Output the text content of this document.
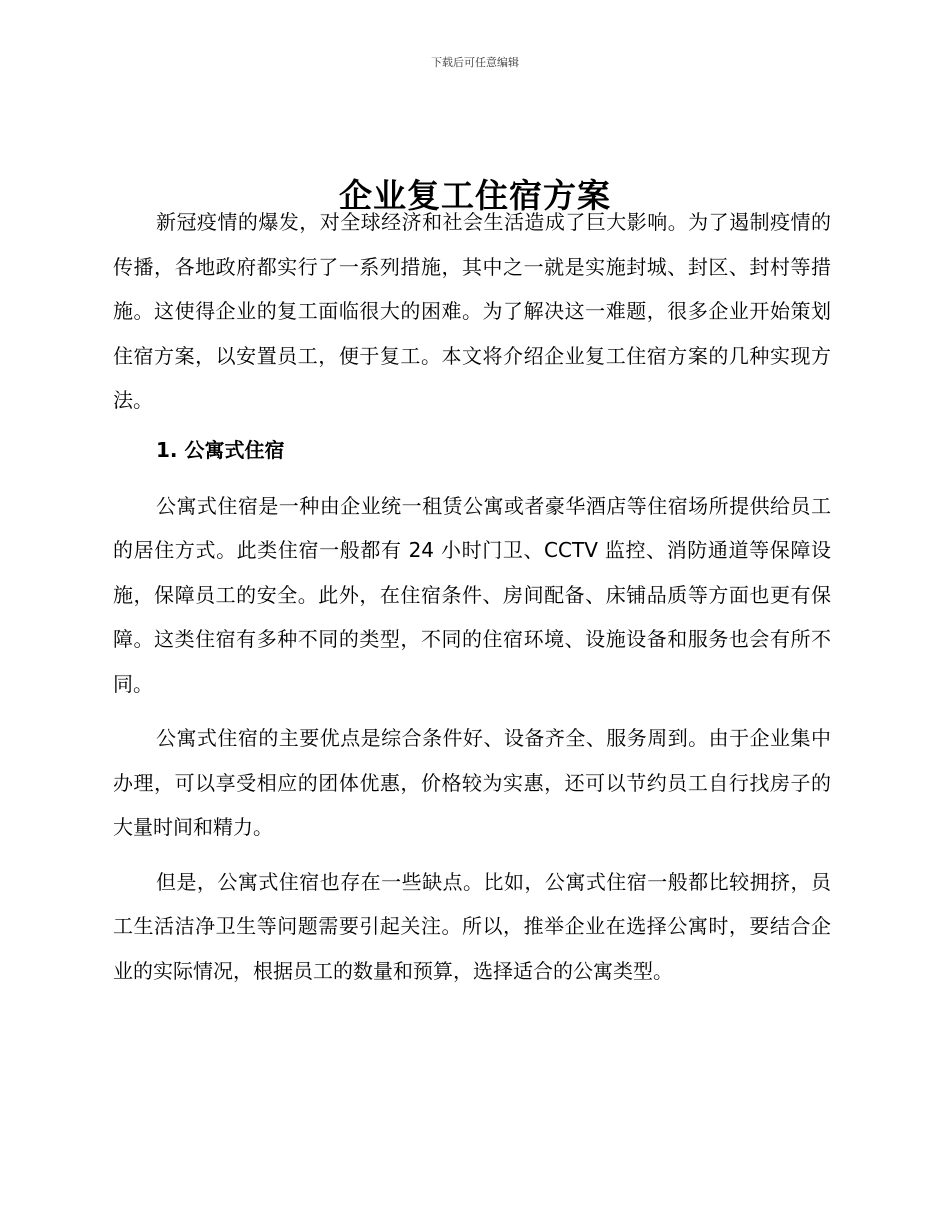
下载后可任意编辑
企业复工住宿方案

新冠疫情的爆发，对全球经济和社会生活造成了巨大影响。为了遏制疫情的传播，各地政府都实行了一系列措施，其中之一就是实施封城、封区、封村等措施。这使得企业的复工面临很大的困难。为了解决这一难题，很多企业开始策划住宿方案，以安置员工，便于复工。本文将介绍企业复工住宿方案的几种实现方法。

1. 公寓式住宿

公寓式住宿是一种由企业统一租赁公寓或者豪华酒店等住宿场所提供给员工的居住方式。此类住宿一般都有 24 小时门卫、CCTV 监控、消防通道等保障设施，保障员工的安全。此外，在住宿条件、房间配备、床铺品质等方面也更有保障。这类住宿有多种不同的类型，不同的住宿环境、设施设备和服务也会有所不同。

公寓式住宿的主要优点是综合条件好、设备齐全、服务周到。由于企业集中办理，可以享受相应的团体优惠，价格较为实惠，还可以节约员工自行找房子的大量时间和精力。

但是，公寓式住宿也存在一些缺点。比如，公寓式住宿一般都比较拥挤，员工生活洁净卫生等问题需要引起关注。所以，推举企业在选择公寓时，要结合企业的实际情况，根据员工的数量和预算，选择适合的公寓类型。
